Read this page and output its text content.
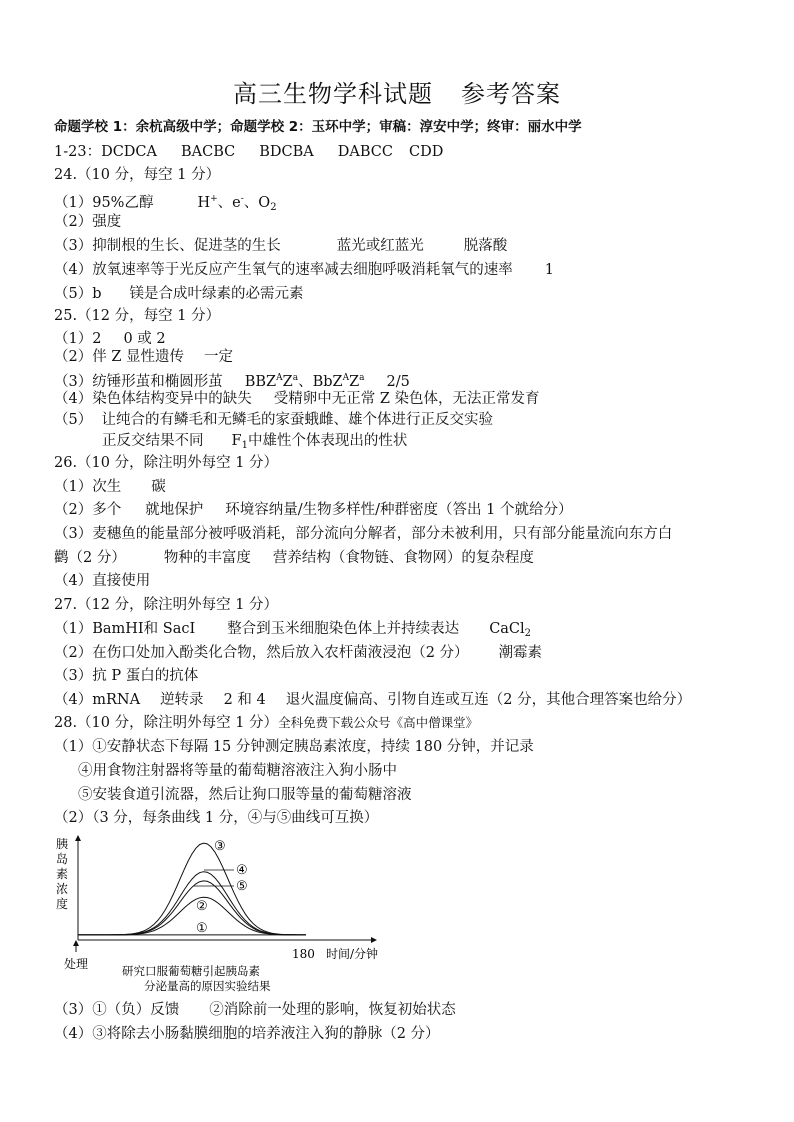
高三生物学科试题 参考答案
命题学校 1：余杭高级中学；命题学校 2：玉环中学；审稿：淳安中学；终审：丽水中学
1-23：DCDCA BACBC BDCBA DABCC CDD
24.（10 分，每空 1 分）
（1）95%乙醇	H+、e-、$O_2$
（2）强度
（3）抑制根的生长、促进茎的生长	蓝光或红蓝光	脱落酸
（4）放氧速率等于光反应产生氧气的速率减去细胞呼吸消耗氧气的速率 1
（5）b 镁是合成叶绿素的必需元素
25.（12 分，每空 1 分）
（1）2 0 或 2
（2）伴 Z 显性遗传 一定
（3）纺锤形茧和椭圆形茧 $BBZ^AZ^a$、$BbZ^AZ^a$ 2/5
（4）染色体结构变异中的缺失 受精卵中无正常 Z 染色体，无法正常发育
（5）  让纯合的有鳞毛和无鳞毛的家蚕蛾雌、雄个体进行正反交实验
正反交结果不同 $F_1$中雄性个体表现出的性状
26.（10 分，除注明外每空 1 分）
（1）次生 碳
（2）多个 就地保护 环境容纳量/生物多样性/种群密度（答出 1 个就给分）
（3）麦穗鱼的能量部分被呼吸消耗，部分流向分解者，部分未被利用，只有部分能量流向东方白
鹳（2 分）	物种的丰富度 营养结构（食物链、食物网）的复杂程度
（4）直接使用
27.（12 分，除注明外每空 1 分）
（1）BamHⅠ和 SacⅠ 整合到玉米细胞染色体上并持续表达 CaCl$_2$
（2）在伤口处加入酚类化合物，然后放入农杆菌液浸泡（2 分） 潮霉素
（3）抗 P 蛋白的抗体
（4）mRNA 逆转录 2 和 4 退火温度偏高、引物自连或互连（2 分，其他合理答案也给分）
28.（10 分，除注明外每空 1 分）全科免费下载公众号《高中僧课堂》
（1）①安静状态下每隔 15 分钟测定胰岛素浓度，持续 180 分钟，并记录
④用食物注射器将等量的葡萄糖溶液注入狗小肠中
⑤安装食道引流器，然后让狗口服等量的葡萄糖溶液
（2）（3 分，每条曲线 1 分，④与⑤曲线可互换）
胰
岛
素
浓
度
处理
180 时间/分钟
研究口服葡萄糖引起胰岛素
分泌量高的原因实验结果
③
④
⑤
②
①
（3）①（负）反馈 ②消除前一处理的影响，恢复初始状态
（4）③将除去小肠黏膜细胞的培养液注入狗的静脉（2 分）
